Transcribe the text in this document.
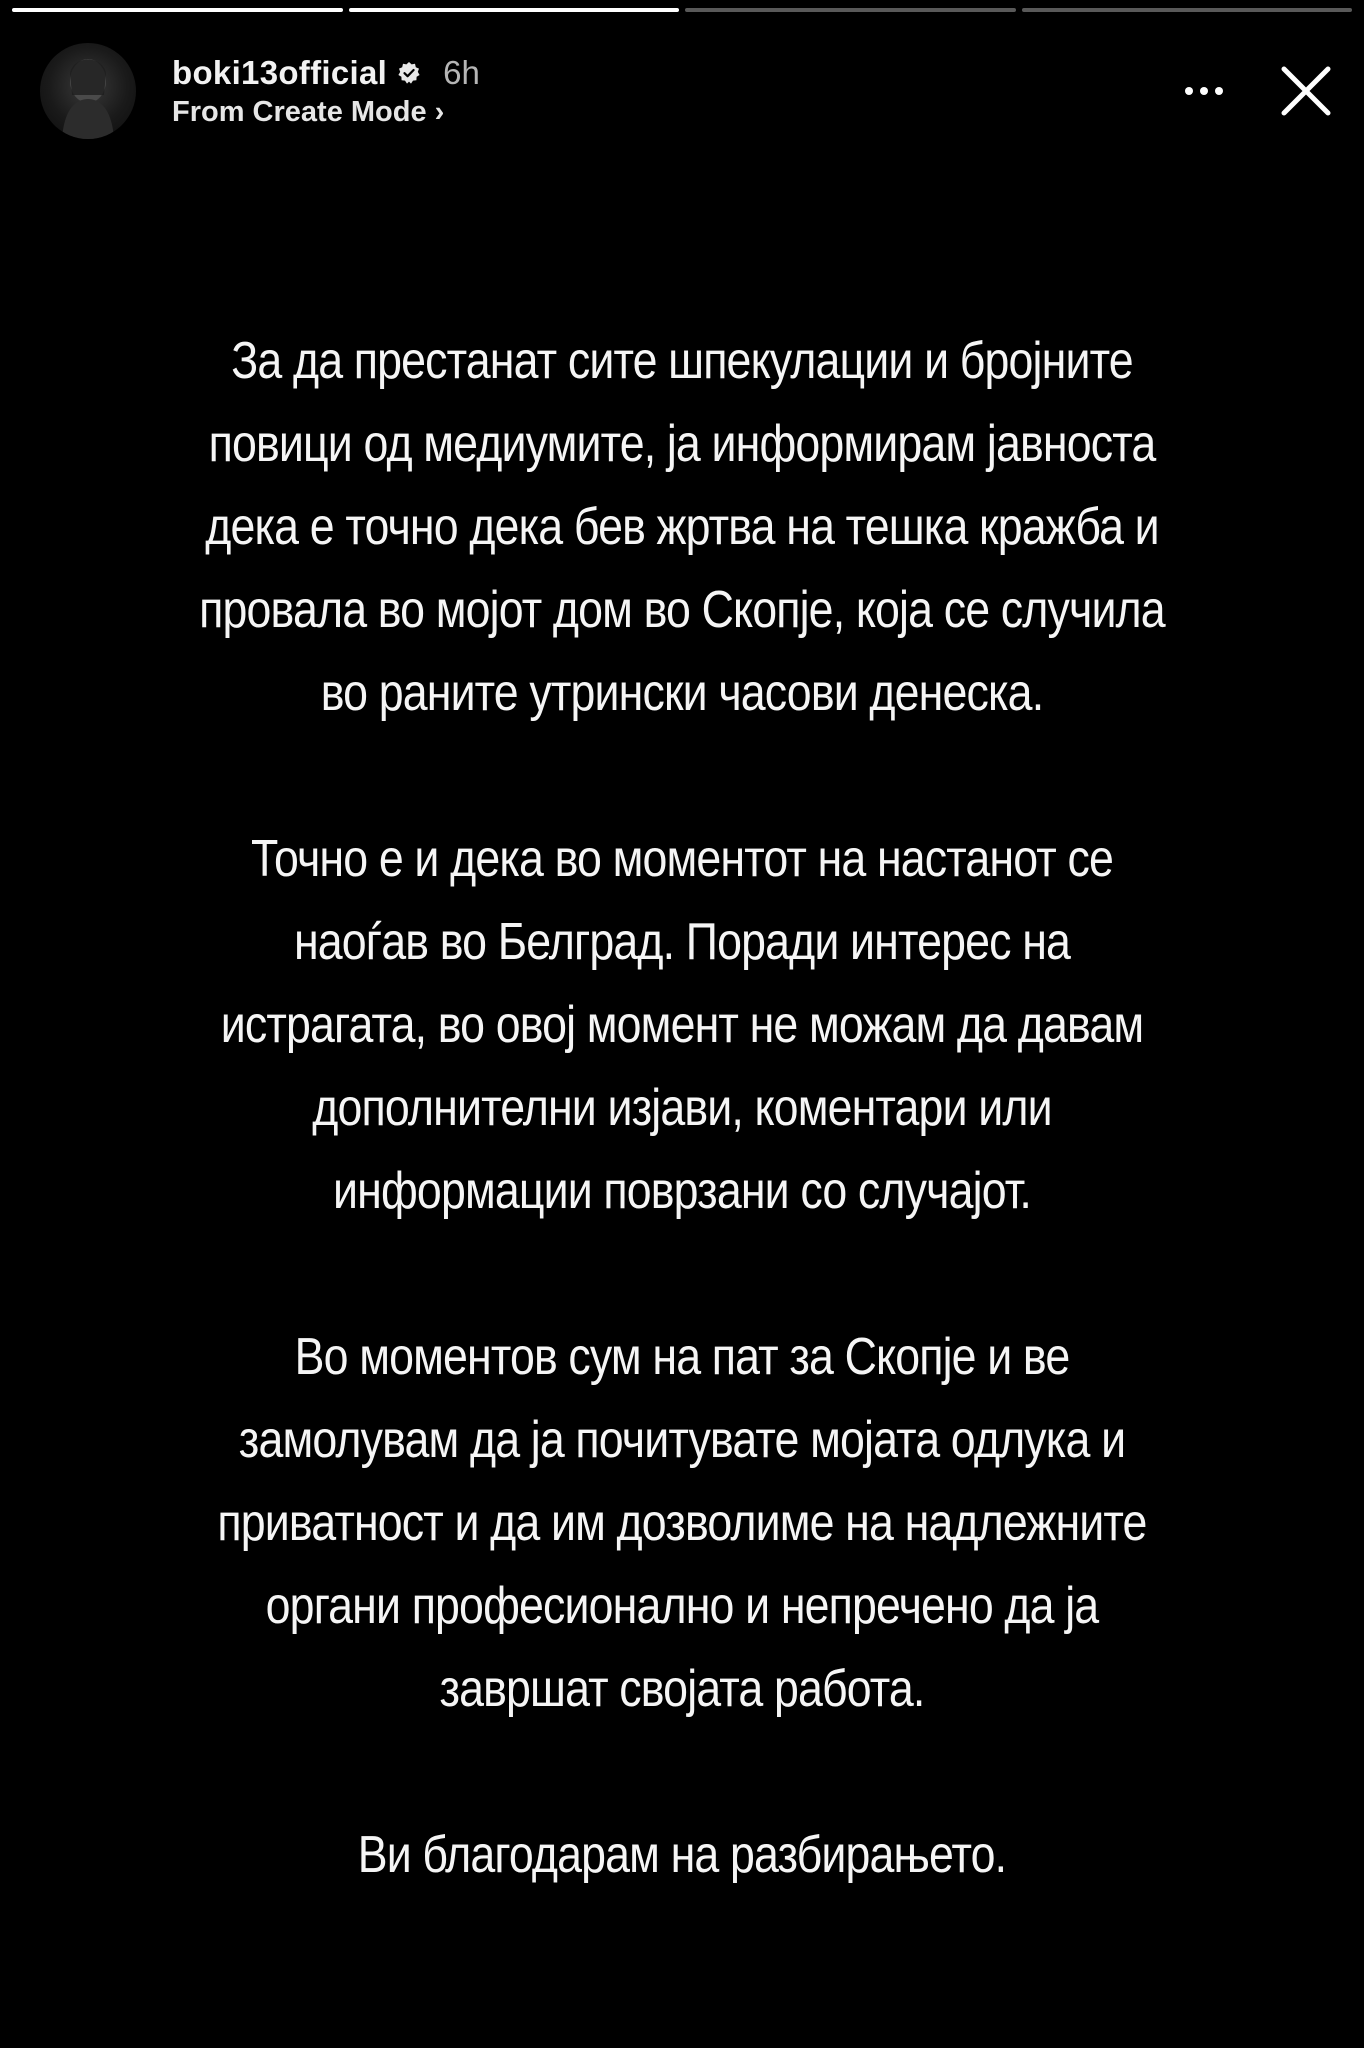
boki13official 6h
From Create Mode ›

За да престанат сите шпекулации и бројните
повици од медиумите, ја информирам јавноста
дека е точно дека бев жртва на тешка кражба и
провала во мојот дом во Скопје, која се случила
во раните утрински часови денеска.

Точно е и дека во моментот на настанот се
наоѓав во Белград. Поради интерес на
истрагата, во овој момент не можам да давам
дополнителни изјави, коментари или
информации поврзани со случајот.

Во моментов сум на пат за Скопје и ве
замолувам да ја почитувате мојата одлука и
приватност и да им дозволиме на надлежните
органи професионално и непречено да ја
завршат својата работа.

Ви благодарам на разбирањето.
